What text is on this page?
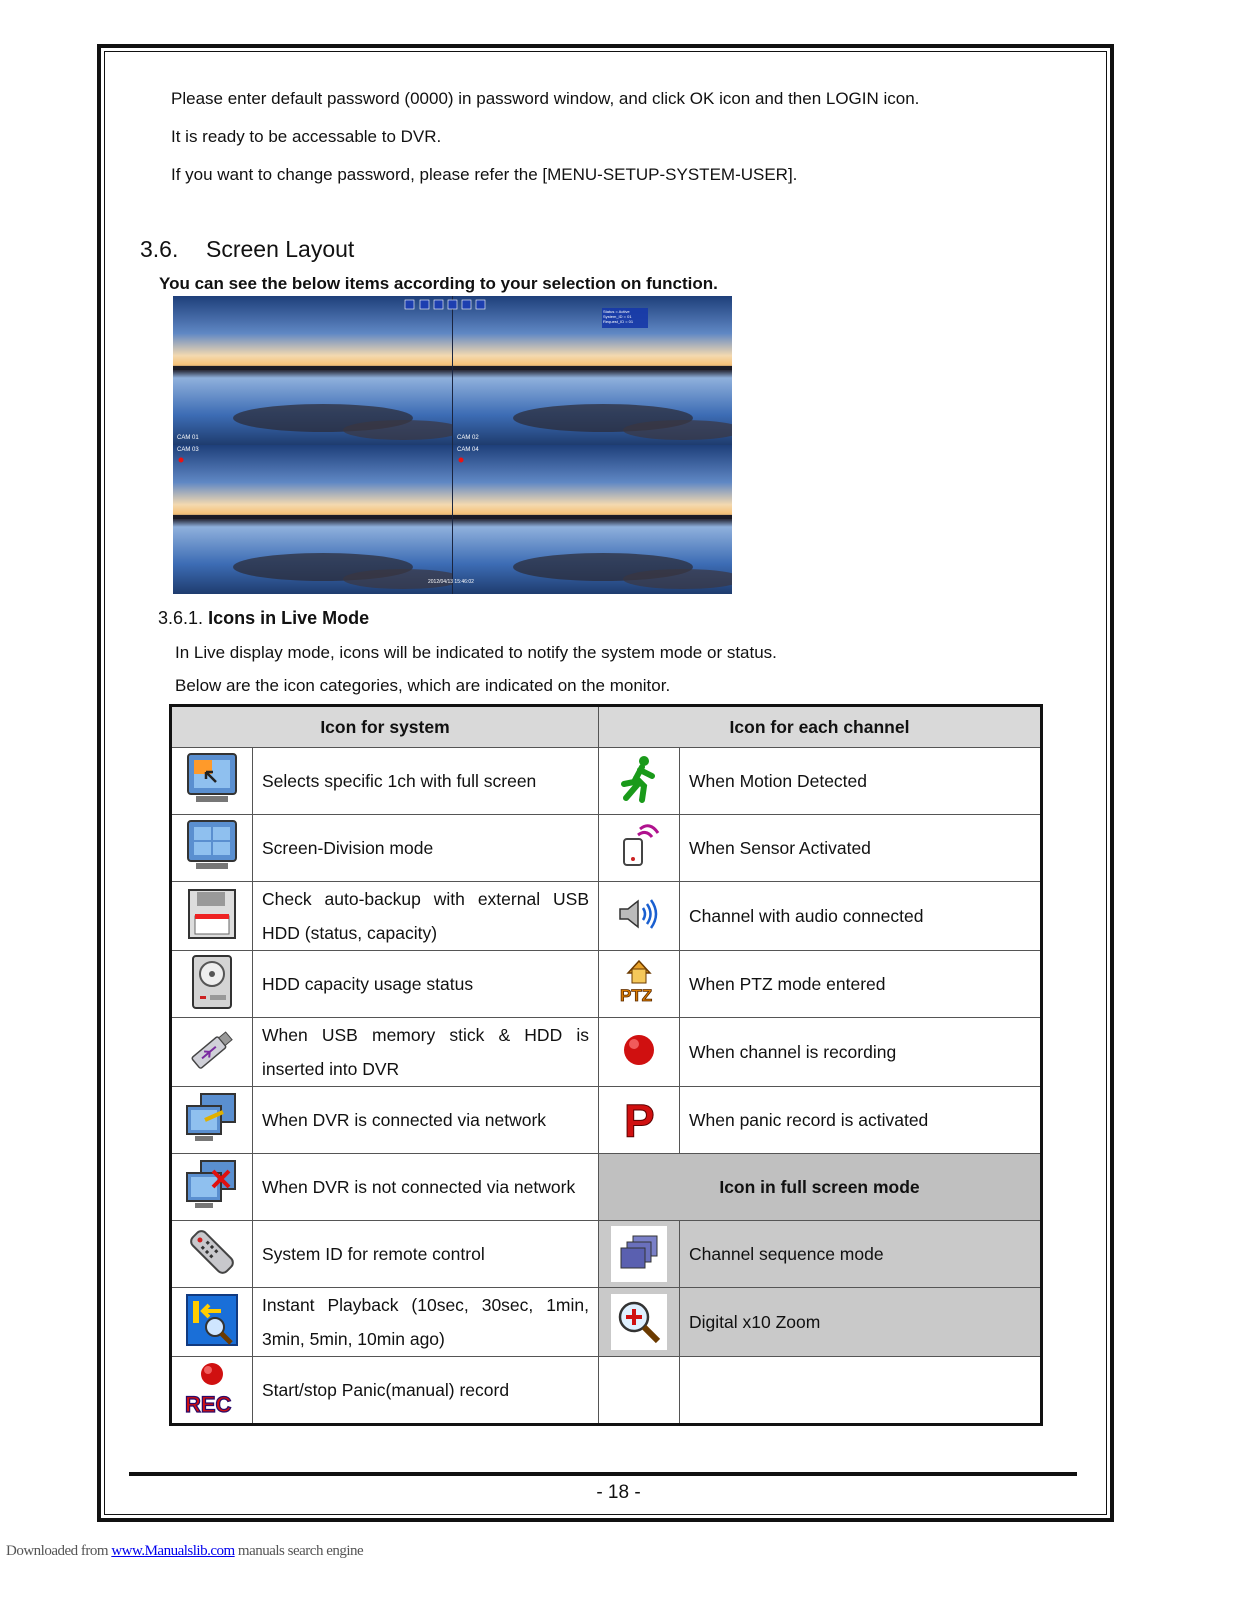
Please enter default password (0000) in password window, and click OK icon and then LOGIN icon.
It is ready to be accessable to DVR.
If you want to change password, please refer the [MENU-SETUP-SYSTEM-USER].
3.6. Screen Layout
You can see the below items according to your selection on function.
CAM 01	CAM 02
Status = Active
System_ID = 01
Request_ID = 01
CAM 03	CAM 04
2012/04/13 15:46:02
3.6.1. Icons in Live Mode
In Live display mode, icons will be indicated to notify the system mode or status.
Below are the icon categories, which are indicated on the monitor.
Icon for system		Icon for each channel	
	Selects specific 1ch with full screen		When Motion Detected
	Screen-Division mode		When Sensor Activated
	Check auto-backup with external USB HDD (status, capacity)		Channel with audio connected
	HDD capacity usage status	PTZ	When PTZ mode entered
	When USB memory stick & HDD is inserted into DVR		When channel is recording
	When DVR is connected via network	P	When panic record is activated
	When DVR is not connected via network	Icon in full screen mode	
	System ID for remote control		Channel sequence mode
	Instant Playback (10sec, 30sec, 1min, 3min, 5min, 10min ago)		Digital x10 Zoom

REC	Start/stop Panic(manual) record		
- 18 -
Downloaded from www.Manualslib.com manuals search engine
